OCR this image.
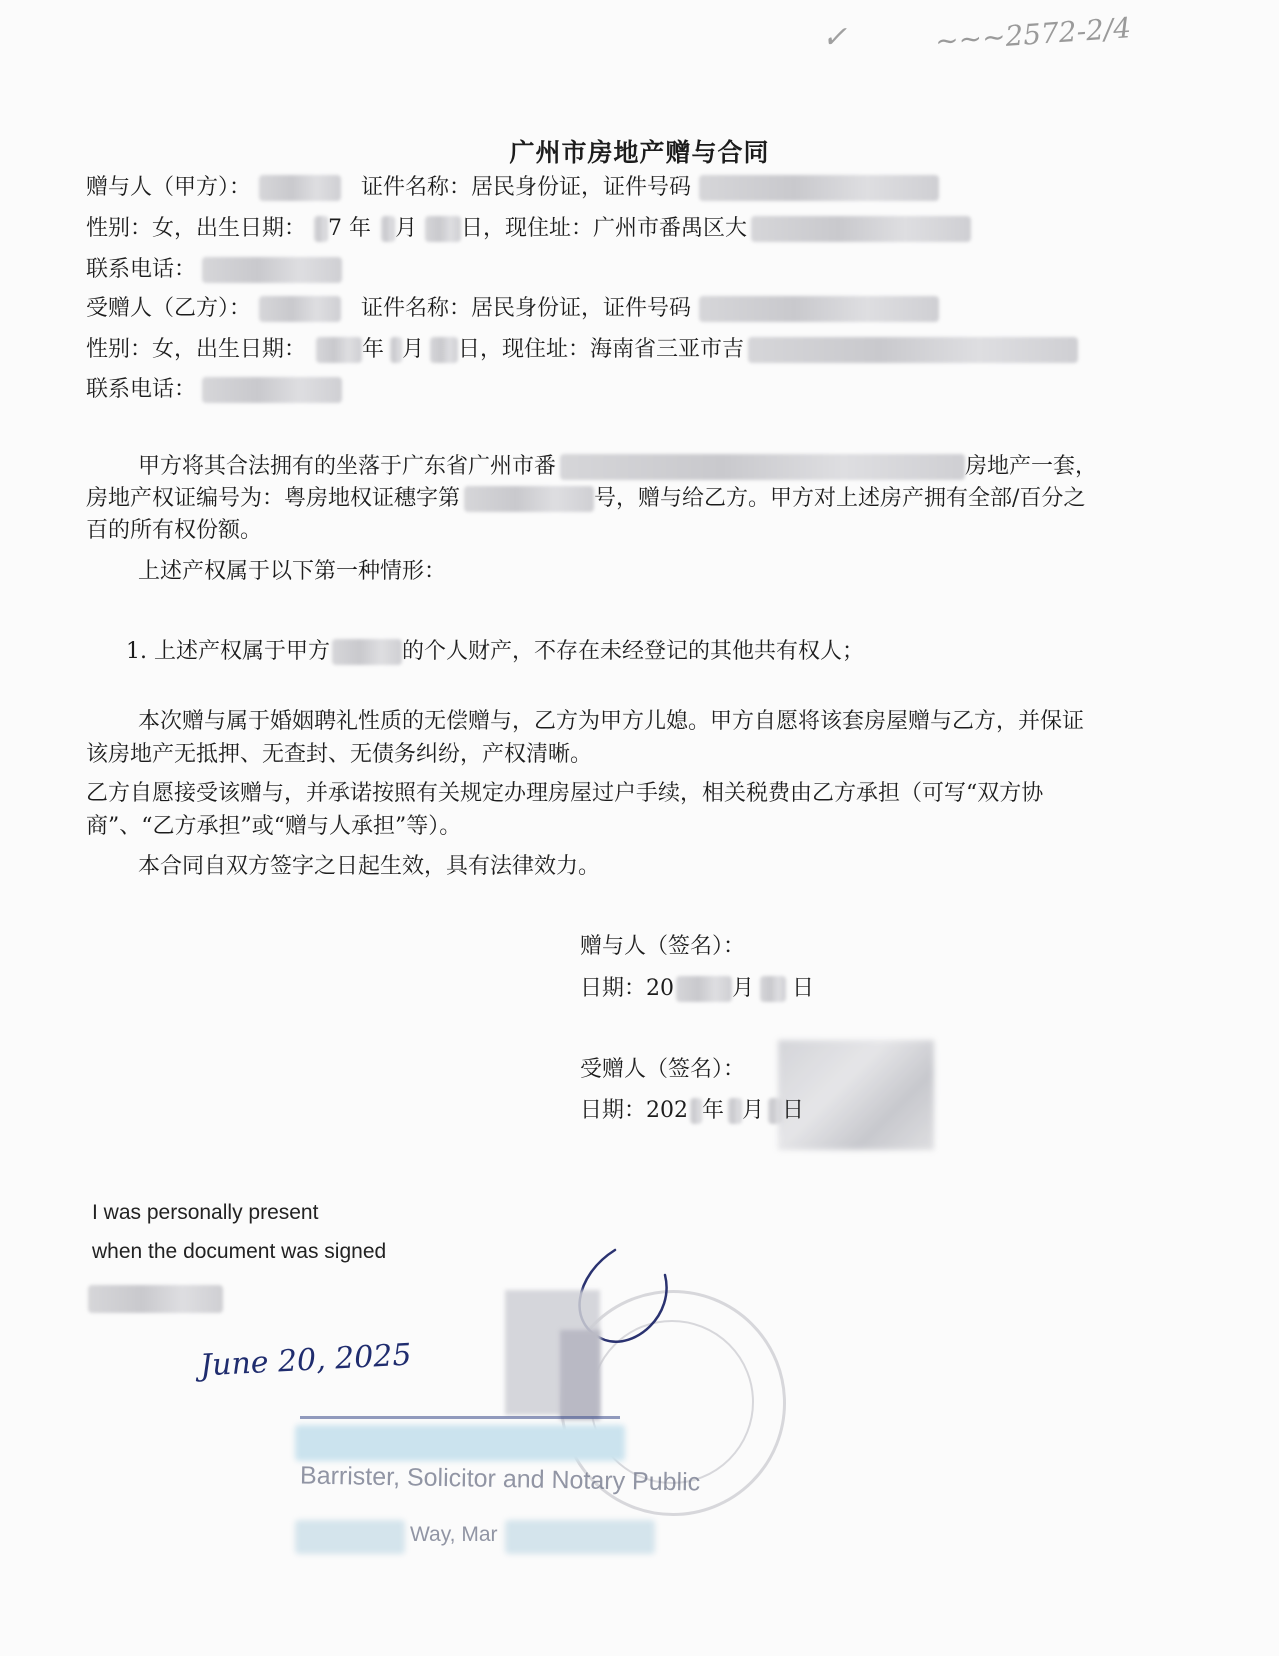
~~~2572-2/4
✓
广州市房地产赠与合同
赠与人（甲方）：	证件名称：居民身份证，证件号码
性别：女，出生日期： 7 年 月 日，现住址：广州市番禺区大
联系电话：
受赠人（乙方）：	证件名称：居民身份证，证件号码
性别：女，出生日期：	年 月 日，现住址：海南省三亚市吉
联系电话：
甲方将其合法拥有的坐落于广东省广州市番	房地产一套，
房地产权证编号为：粤房地权证穗字第	号，赠与给乙方。甲方对上述房产拥有全部/百分之
百的所有权份额。
上述产权属于以下第一种情形：
1. 上述产权属于甲方	的个人财产，不存在未经登记的其他共有权人；
本次赠与属于婚姻聘礼性质的无偿赠与，乙方为甲方儿媳。甲方自愿将该套房屋赠与乙方，并保证
该房地产无抵押、无查封、无债务纠纷，产权清晰。
乙方自愿接受该赠与，并承诺按照有关规定办理房屋过户手续，相关税费由乙方承担（可写“双方协
商”、“乙方承担”或“赠与人承担”等）。
本合同自双方签字之日起生效，具有法律效力。
赠与人（签名）：
日期：20	月 日
受赠人（签名）：
日期：202 年 月 日
I was personally present
when the document was signed
June 20, 2025
Barrister, Solicitor and Notary Public
Way, Mar
